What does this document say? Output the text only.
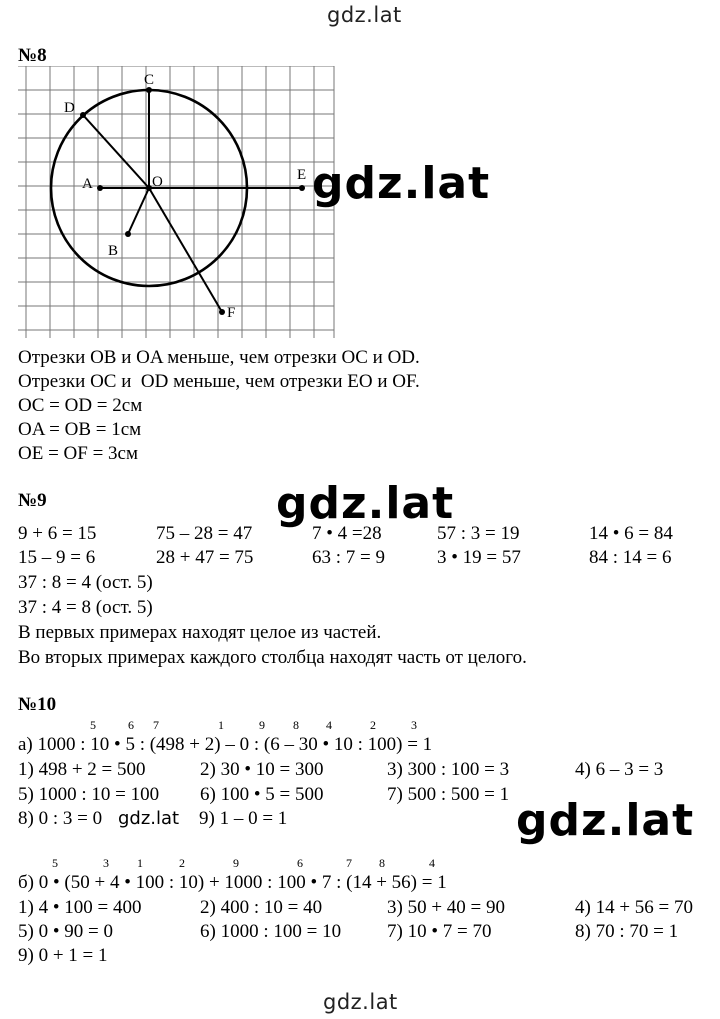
gdz.lat
№8
C
D
A	O	E
B
F
gdz.lat
Отрезки OB и OA меньше, чем отрезки OC и OD.
Отрезки OC и  OD меньше, чем отрезки EO и OF.
OC = OD = 2см
OA = OB = 1см
OE = OF = 3см
№9	gdz.lat
9 + 6 = 15	75 – 28 = 47	7 • 4 =28	57 : 3 = 19	14 • 6 = 84
15 – 9 = 6	28 + 47 = 75	63 : 7 = 9	3 • 19 = 57	84 : 14 = 6
37 : 8 = 4 (ост. 5)
37 : 4 = 8 (ост. 5)
В первых примерах находят целое из частей.
Во вторых примерах каждого столбца находят часть от целого.
№10
5	6 7	1	9 8 4	2	3
а) 1000 : 10 • 5 : (498 + 2) – 0 : (6 – 30 • 10 : 100) = 1
1) 498 + 2 = 500	2) 30 • 10 = 300	3) 300 : 100 = 3	4) 6 – 3 = 3
5) 1000 : 10 = 100 6) 100 • 5 = 500	7) 500 : 500 = 1
8) 0 : 3 = 0 gdz.lat 9) 1 – 0 = 1	gdz.lat
5	3 1	2	9	6	7 8	4
б) 0 • (50 + 4 • 100 : 10) + 1000 : 100 • 7 : (14 + 56) = 1
1) 4 • 100 = 400	2) 400 : 10 = 40	3) 50 + 40 = 90	4) 14 + 56 = 70
5) 0 • 90 = 0	6) 1000 : 100 = 10 7) 10 • 7 = 70	8) 70 : 70 = 1
9) 0 + 1 = 1
gdz.lat
